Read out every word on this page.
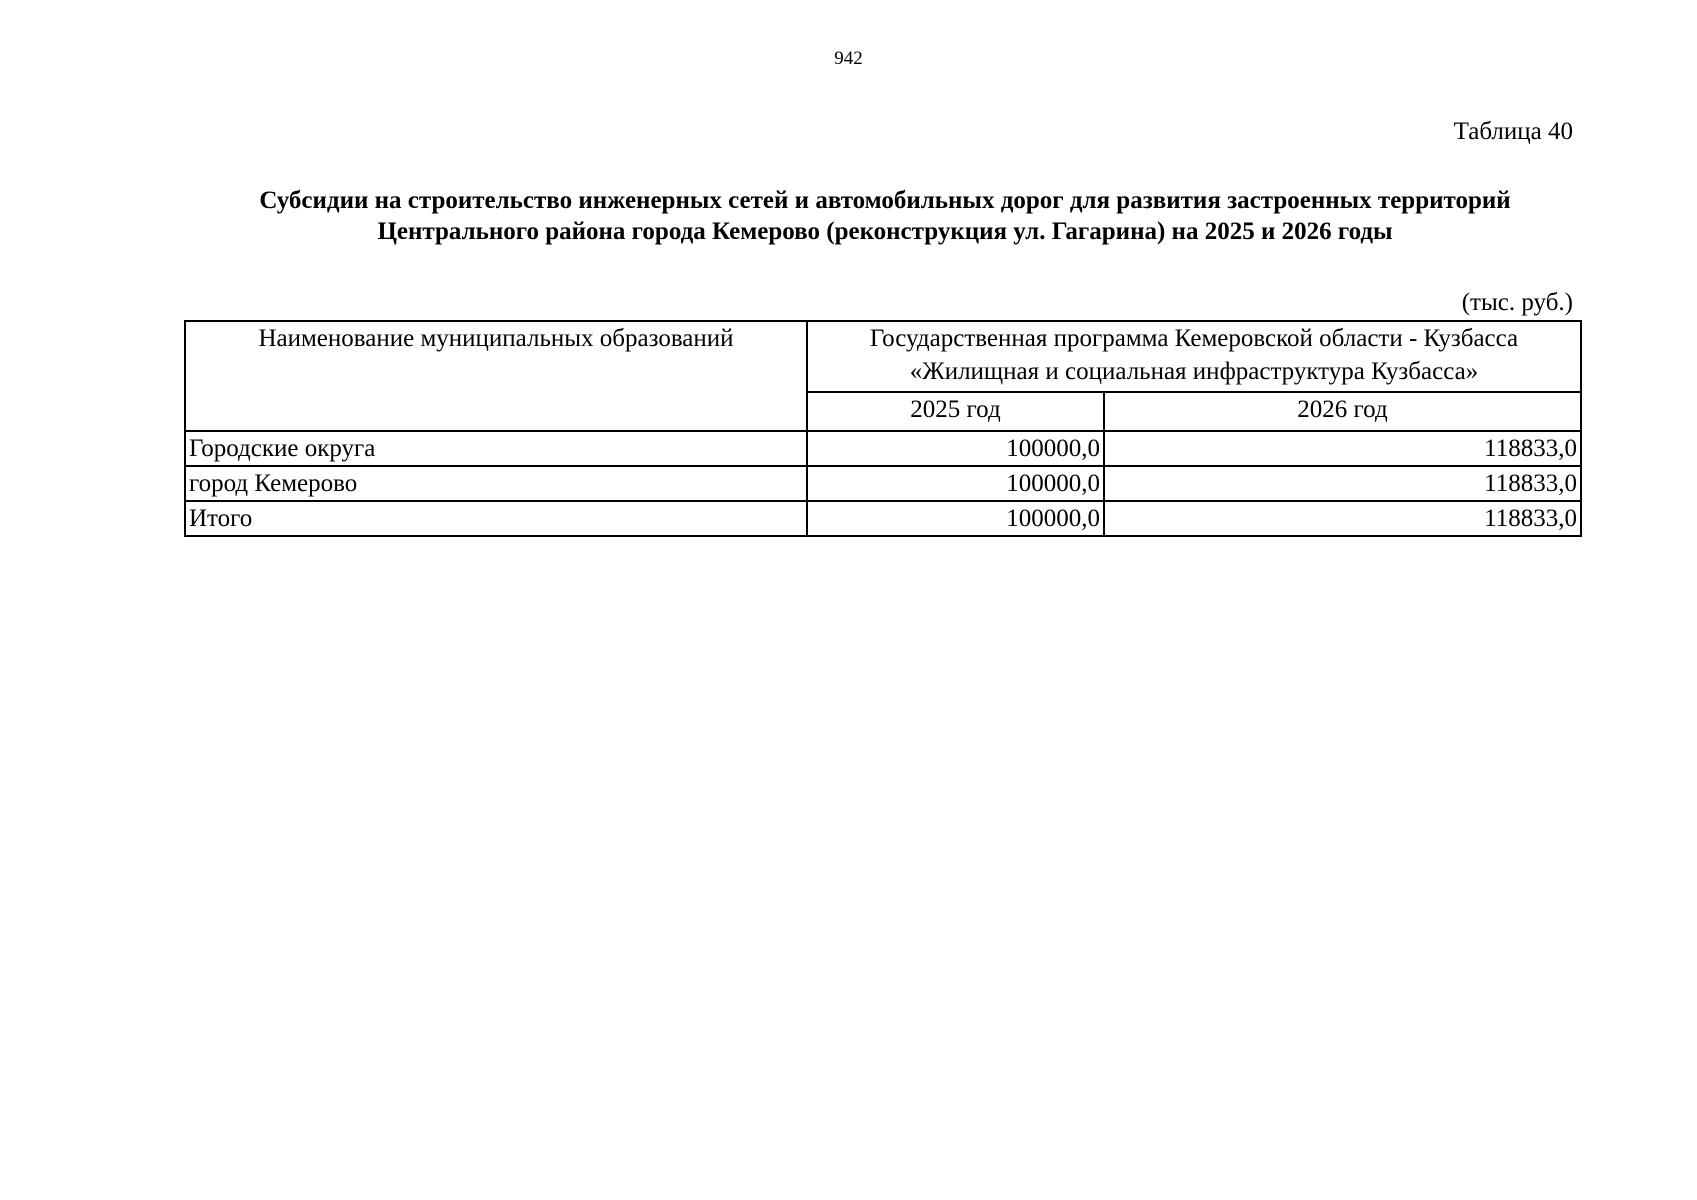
942
Таблица 40
Субсидии на строительство инженерных сетей и автомобильных дорог для развития застроенных территорий
Центрального района города Кемерово (реконструкция ул. Гагарина) на 2025 и 2026 годы
(тыс. руб.)
Наименование муниципальных образований	Государственная программа Кемеровской области - Кузбасса
«Жилищная и социальная инфраструктура Кузбасса»	

	2025 год	2026 год
Городские округа	100000,0	118833,0
город Кемерово	100000,0	118833,0
Итого	100000,0	118833,0
